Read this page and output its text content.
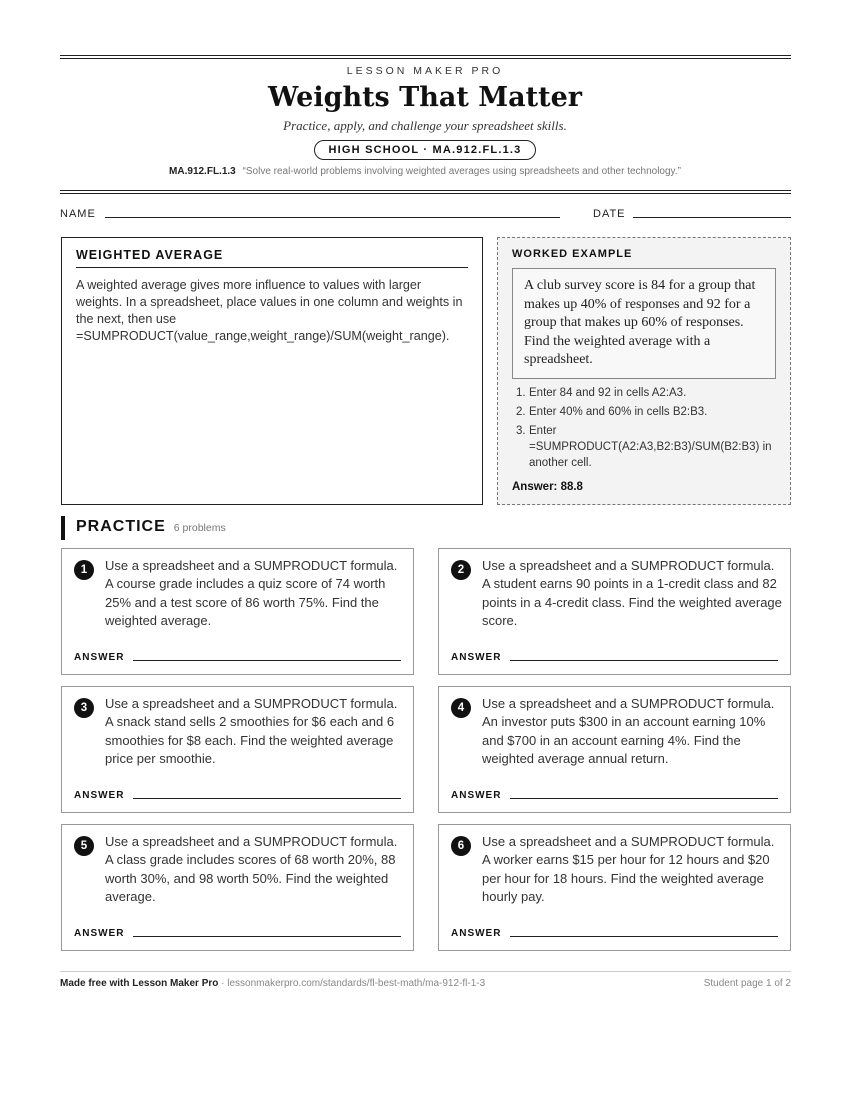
LESSON MAKER PRO
Weights That Matter
Practice, apply, and challenge your spreadsheet skills.
HIGH SCHOOL · MA.912.FL.1.3
MA.912.FL.1.3 “Solve real-world problems involving weighted averages using spreadsheets and other technology.”
NAME	DATE
WEIGHTED AVERAGE

A weighted average gives more influence to values with larger weights. In a spreadsheet, place values in one column and weights in the next, then use =SUMPRODUCT(value_range,weight_range)/SUM(weight_range).

WORKED EXAMPLE
A club survey score is 84 for a group that makes up 40% of responses and 92 for a group that makes up 60% of responses. Find the weighted average with a spreadsheet.
1. Enter 84 and 92 in cells A2:A3.
2. Enter 40% and 60% in cells B2:B3.
3. Enter =SUMPRODUCT(A2:A3,B2:B3)/SUM(B2:B3) in another cell.
Answer: 88.8
PRACTICE 6 problems
1	Use a spreadsheet and a SUMPRODUCT formula. A course grade includes a quiz score of 74 worth 25% and a test score of 86 worth 75%. Find the weighted average.
ANSWER
2	Use a spreadsheet and a SUMPRODUCT formula. A student earns 90 points in a 1-credit class and 82 points in a 4-credit class. Find the weighted average score.
ANSWER
3	Use a spreadsheet and a SUMPRODUCT formula. A snack stand sells 2 smoothies for $6 each and 6 smoothies for $8 each. Find the weighted average price per smoothie.
ANSWER
4	Use a spreadsheet and a SUMPRODUCT formula. An investor puts $300 in an account earning 10% and $700 in an account earning 4%. Find the weighted average annual return.
ANSWER
5	Use a spreadsheet and a SUMPRODUCT formula. A class grade includes scores of 68 worth 20%, 88 worth 30%, and 98 worth 50%. Find the weighted average.
ANSWER
6	Use a spreadsheet and a SUMPRODUCT formula. A worker earns $15 per hour for 12 hours and $20 per hour for 18 hours. Find the weighted average hourly pay.
ANSWER
Made free with Lesson Maker Pro · lessonmakerpro.com/standards/fl-best-math/ma-912-fl-1-3	Student page 1 of 2
